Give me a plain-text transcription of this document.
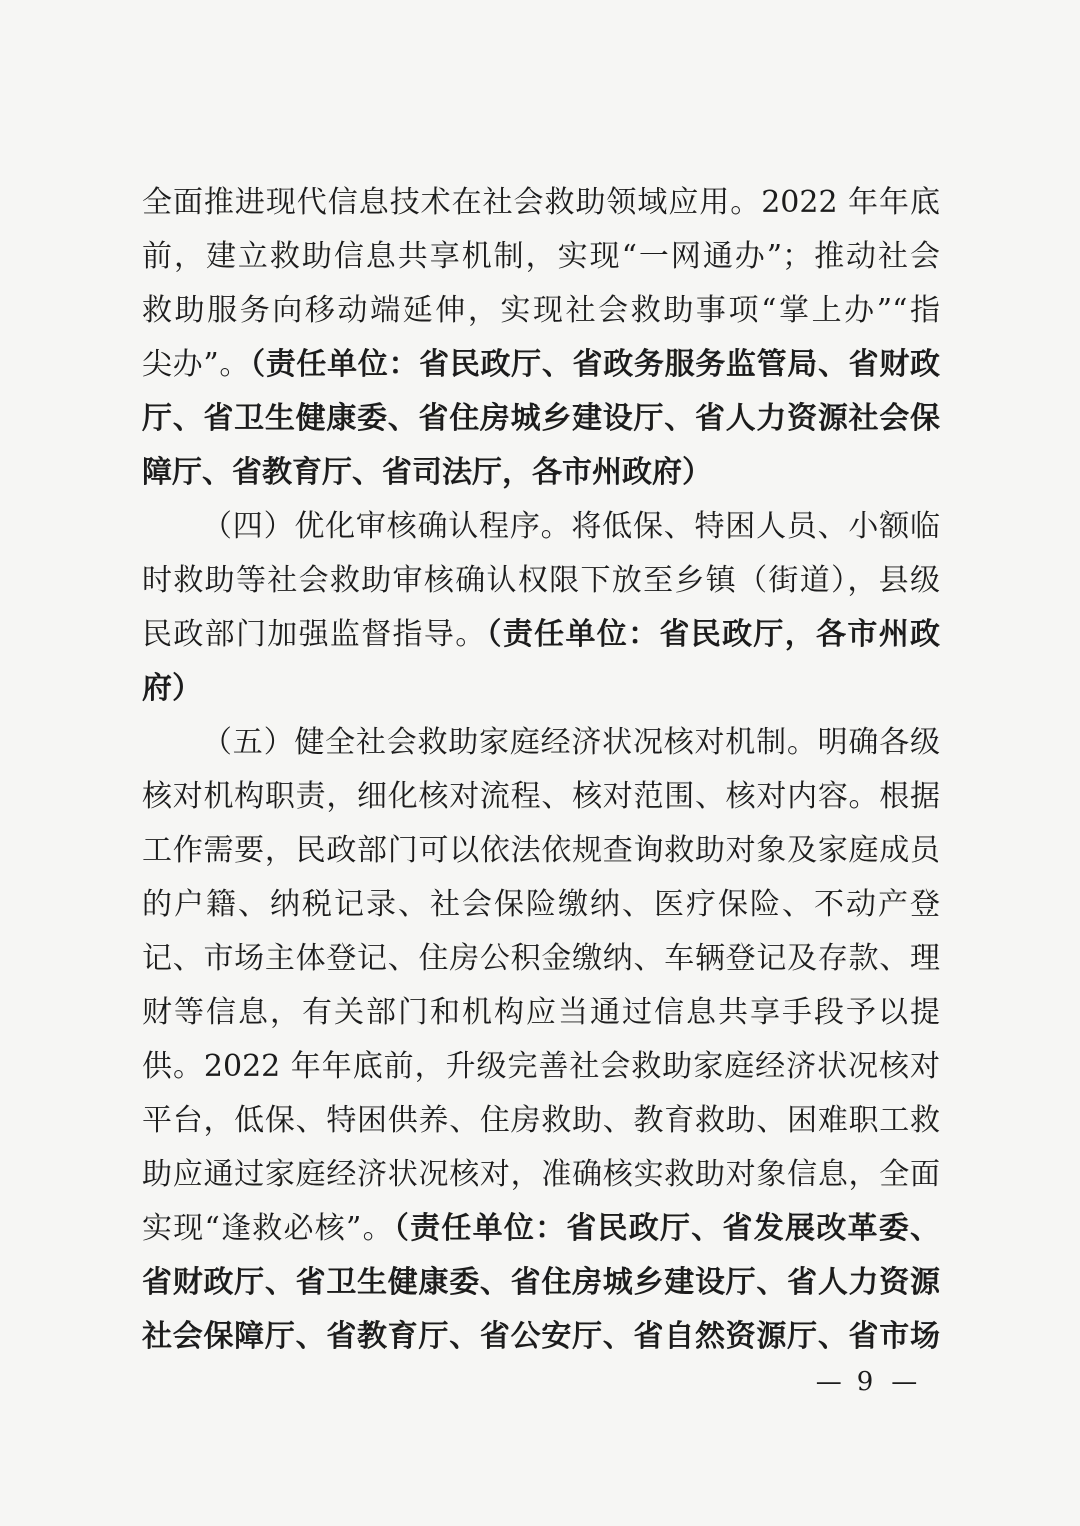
全面推进现代信息技术在社会救助领域应用。2022 年年底
前，建立救助信息共享机制，实现“一网通办”；推动社会
救助服务向移动端延伸，实现社会救助事项“掌上办”“指
尖办”。（责任单位：省民政厅、省政务服务监管局、省财政
厅、省卫生健康委、省住房城乡建设厅、省人力资源社会保
障厅、省教育厅、省司法厅，各市州政府）
（四）优化审核确认程序。将低保、特困人员、小额临
时救助等社会救助审核确认权限下放至乡镇（街道），县级
民政部门加强监督指导。（责任单位：省民政厅，各市州政
府）
（五）健全社会救助家庭经济状况核对机制。明确各级
核对机构职责，细化核对流程、核对范围、核对内容。根据
工作需要，民政部门可以依法依规查询救助对象及家庭成员
的户籍、纳税记录、社会保险缴纳、医疗保险、不动产登
记、市场主体登记、住房公积金缴纳、车辆登记及存款、理
财等信息，有关部门和机构应当通过信息共享手段予以提
供。2022 年年底前，升级完善社会救助家庭经济状况核对
平台，低保、特困供养、住房救助、教育救助、困难职工救
助应通过家庭经济状况核对，准确核实救助对象信息，全面
实现“逢救必核”。（责任单位：省民政厅、省发展改革委、
省财政厅、省卫生健康委、省住房城乡建设厅、省人力资源
社会保障厅、省教育厅、省公安厅、省自然资源厅、省市场
— 9 —
